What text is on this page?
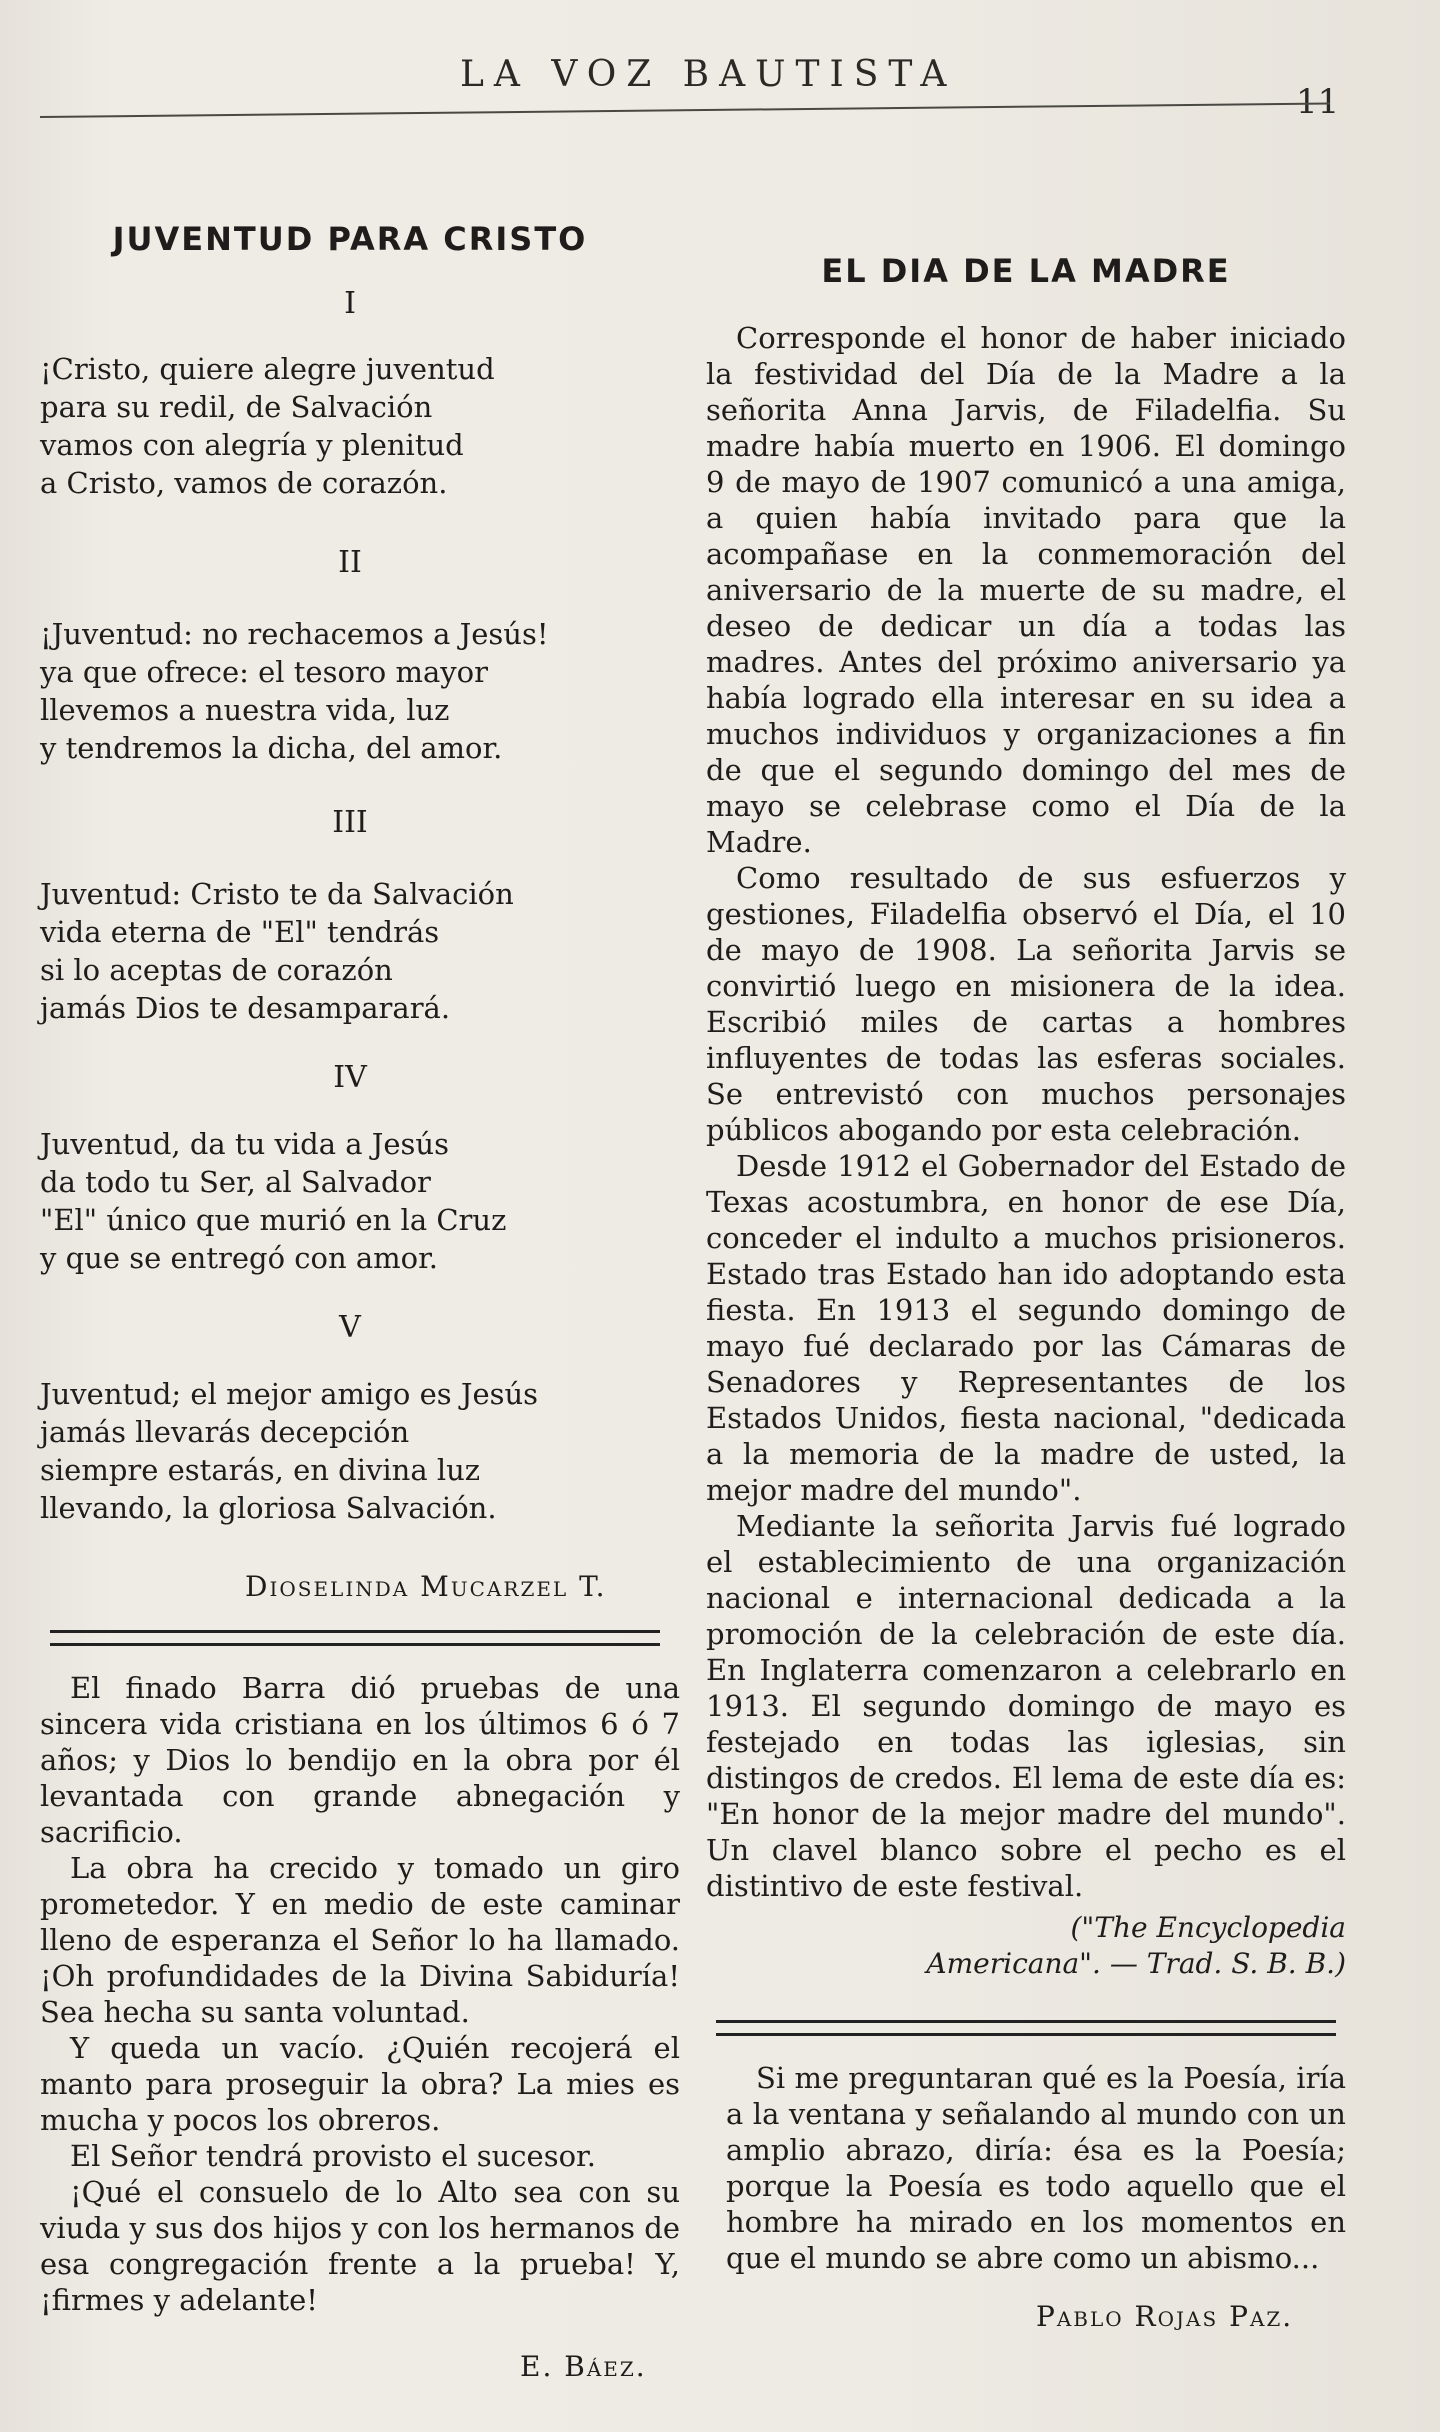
LA VOZ BAUTISTA
11
JUVENTUD PARA CRISTO
I
¡Cristo, quiere alegre juventud
para su redil, de Salvación
vamos con alegría y plenitud
a Cristo, vamos de corazón.
II
¡Juventud: no rechacemos a Jesús!
ya que ofrece: el tesoro mayor
llevemos a nuestra vida, luz
y tendremos la dicha, del amor.
III
Juventud: Cristo te da Salvación
vida eterna de "El" tendrás
si lo aceptas de corazón
jamás Dios te desamparará.
IV
Juventud, da tu vida a Jesús
da todo tu Ser, al Salvador
"El" único que murió en la Cruz
y que se entregó con amor.
V
Juventud; el mejor amigo es Jesús
jamás llevarás decepción
siempre estarás, en divina luz
llevando, la gloriosa Salvación.
Dioselinda Mucarzel T.

El finado Barra dió pruebas de una sincera vida cristiana en los últimos 6 ó 7 años; y Dios lo bendijo en la obra por él levantada con grande abnegación y sacrificio.

La obra ha crecido y tomado un giro prometedor. Y en medio de este caminar lleno de esperanza el Señor lo ha llamado. ¡Oh profundidades de la Divina Sabiduría! Sea hecha su santa voluntad.

Y queda un vacío. ¿Quién recojerá el manto para proseguir la obra? La mies es mucha y pocos los obreros.

El Señor tendrá provisto el sucesor.

¡Qué el consuelo de lo Alto sea con su viuda y sus dos hijos y con los hermanos de esa congregación frente a la prueba! Y, ¡firmes y adelante!

E. Báez.
EL DIA DE LA MADRE

Corresponde el honor de haber iniciado la festividad del Día de la Madre a la señorita Anna Jarvis, de Filadelfia. Su madre había muerto en 1906. El domingo 9 de mayo de 1907 comunicó a una amiga, a quien había invitado para que la acompañase en la conmemoración del aniversario de la muerte de su madre, el deseo de dedicar un día a todas las madres. Antes del próximo aniversario ya había logrado ella interesar en su idea a muchos individuos y organizaciones a fin de que el segundo domingo del mes de mayo se celebrase como el Día de la Madre.

Como resultado de sus esfuerzos y gestiones, Filadelfia observó el Día, el 10 de mayo de 1908. La señorita Jarvis se convirtió luego en misionera de la idea. Escribió miles de cartas a hombres influyentes de todas las esferas sociales. Se entrevistó con muchos personajes públicos abogando por esta celebración.

Desde 1912 el Gobernador del Estado de Texas acostumbra, en honor de ese Día, conceder el indulto a muchos prisioneros. Estado tras Estado han ido adoptando esta fiesta. En 1913 el segundo domingo de mayo fué declarado por las Cámaras de Senadores y Representantes de los Estados Unidos, fiesta nacional, "dedicada a la memoria de la madre de usted, la mejor madre del mundo".

Mediante la señorita Jarvis fué logrado el establecimiento de una organización nacional e internacional dedicada a la promoción de la celebración de este día. En Inglaterra comenzaron a celebrarlo en 1913. El segundo domingo de mayo es festejado en todas las iglesias, sin distingos de credos. El lema de este día es: "En honor de la mejor madre del mundo". Un clavel blanco sobre el pecho es el distintivo de este festival.

("The Encyclopedia Americana". — Trad. S. B. B.)

Si me preguntaran qué es la Poesía, iría a la ventana y señalando al mundo con un amplio abrazo, diría: ésa es la Poesía; porque la Poesía es todo aquello que el hombre ha mirado en los momentos en que el mundo se abre como un abismo...

Pablo Rojas Paz.
